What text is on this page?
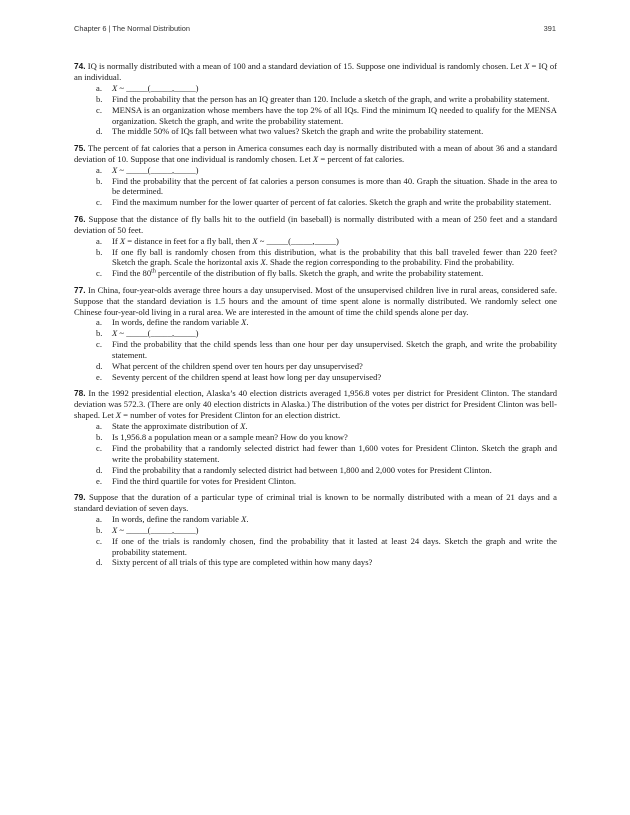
Chapter 6 | The Normal Distribution	391

74. IQ is normally distributed with a mean of 100 and a standard deviation of 15. Suppose one individual is randomly chosen. Let X = IQ of an individual.

a. X ~ _____(_____,_____)
b. Find the probability that the person has an IQ greater than 120. Include a sketch of the graph, and write a probability statement.
c. MENSA is an organization whose members have the top 2% of all IQs. Find the minimum IQ needed to qualify for the MENSA organization. Sketch the graph, and write the probability statement.
d. The middle 50% of IQs fall between what two values? Sketch the graph and write the probability statement.

75. The percent of fat calories that a person in America consumes each day is normally distributed with a mean of about 36 and a standard deviation of 10. Suppose that one individual is randomly chosen. Let X = percent of fat calories.

a. X ~ _____(_____,_____)
b. Find the probability that the percent of fat calories a person consumes is more than 40. Graph the situation. Shade in the area to be determined.
c. Find the maximum number for the lower quarter of percent of fat calories. Sketch the graph and write the probability statement.

76. Suppose that the distance of fly balls hit to the outfield (in baseball) is normally distributed with a mean of 250 feet and a standard deviation of 50 feet.

a. If X = distance in feet for a fly ball, then X ~ _____(_____,_____)
b. If one fly ball is randomly chosen from this distribution, what is the probability that this ball traveled fewer than 220 feet? Sketch the graph. Scale the horizontal axis X. Shade the region corresponding to the probability. Find the probability.
c. Find the 80th percentile of the distribution of fly balls. Sketch the graph, and write the probability statement.

77. In China, four-year-olds average three hours a day unsupervised. Most of the unsupervised children live in rural areas, considered safe. Suppose that the standard deviation is 1.5 hours and the amount of time spent alone is normally distributed. We randomly select one Chinese four-year-old living in a rural area. We are interested in the amount of time the child spends alone per day.

a. In words, define the random variable X.
b. X ~ _____(_____,_____)
c. Find the probability that the child spends less than one hour per day unsupervised. Sketch the graph, and write the probability statement.
d. What percent of the children spend over ten hours per day unsupervised?
e. Seventy percent of the children spend at least how long per day unsupervised?

78. In the 1992 presidential election, Alaska’s 40 election districts averaged 1,956.8 votes per district for President Clinton. The standard deviation was 572.3. (There are only 40 election districts in Alaska.) The distribution of the votes per district for President Clinton was bell-shaped. Let X = number of votes for President Clinton for an election district.

a. State the approximate distribution of X.
b. Is 1,956.8 a population mean or a sample mean? How do you know?
c. Find the probability that a randomly selected district had fewer than 1,600 votes for President Clinton. Sketch the graph and write the probability statement.
d. Find the probability that a randomly selected district had between 1,800 and 2,000 votes for President Clinton.
e. Find the third quartile for votes for President Clinton.

79. Suppose that the duration of a particular type of criminal trial is known to be normally distributed with a mean of 21 days and a standard deviation of seven days.

a. In words, define the random variable X.
b. X ~ _____(_____,_____)
c. If one of the trials is randomly chosen, find the probability that it lasted at least 24 days. Sketch the graph and write the probability statement.
d. Sixty percent of all trials of this type are completed within how many days?
